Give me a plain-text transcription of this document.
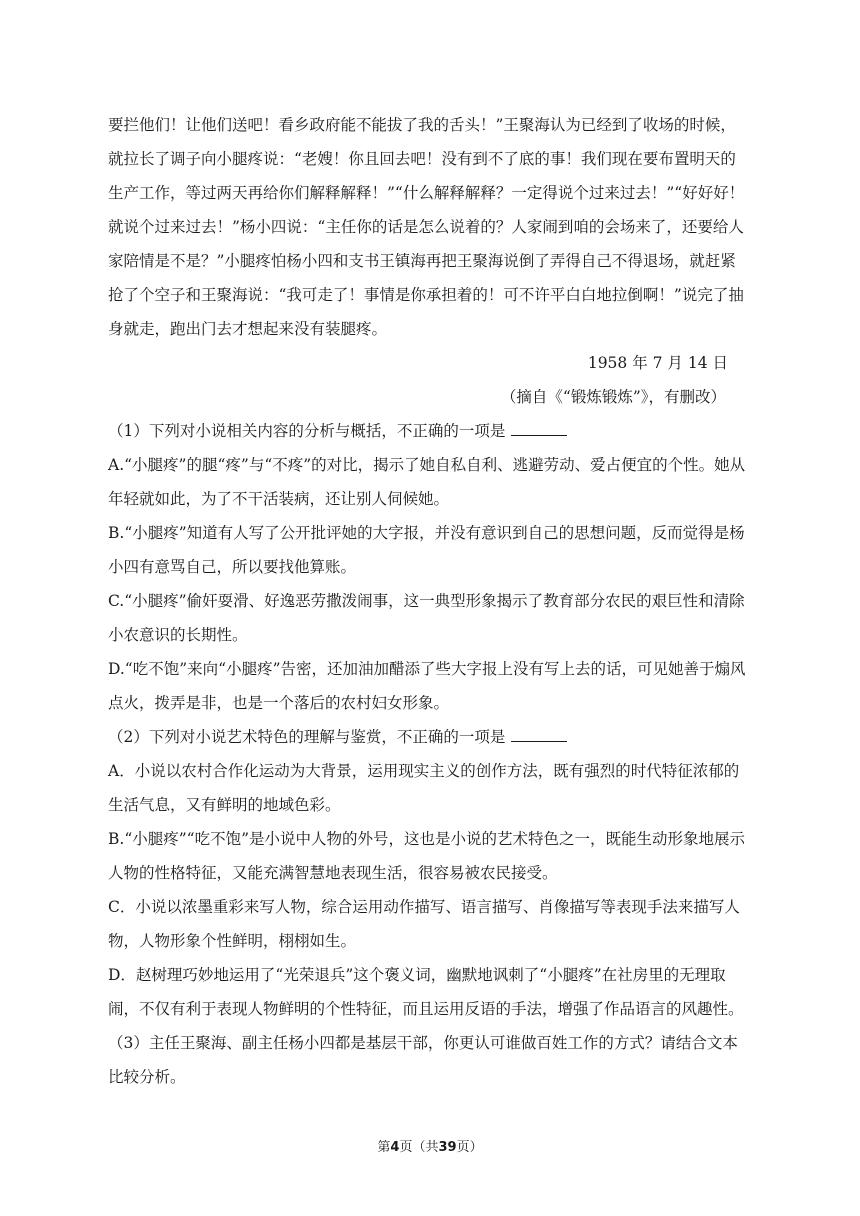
要拦他们！让他们送吧！看乡政府能不能拔了我的舌头！”王聚海认为已经到了收场的时候，就拉长了调子向小腿疼说：“老嫂！你且回去吧！没有到不了底的事！我们现在要布置明天的生产工作，等过两天再给你们解释解释！”“什么解释解释？一定得说个过来过去！”“好好好！就说个过来过去！”杨小四说：“主任你的话是怎么说着的？人家闹到咱的会场来了，还要给人家陪情是不是？”小腿疼怕杨小四和支书王镇海再把王聚海说倒了弄得自己不得退场，就赶紧抢了个空子和王聚海说：“我可走了！事情是你承担着的！可不许平白白地拉倒啊！”说完了抽身就走，跑出门去才想起来没有装腿疼。

1958 年 7 月 14 日

（摘自《“锻炼锻炼”》，有删改）

（1）下列对小说相关内容的分析与概括，不正确的一项是

A.“小腿疼”的腿“疼”与“不疼”的对比，揭示了她自私自利、逃避劳动、爱占便宜的个性。她从年轻就如此，为了不干活装病，还让别人伺候她。

B.“小腿疼”知道有人写了公开批评她的大字报，并没有意识到自己的思想问题，反而觉得是杨小四有意骂自己，所以要找他算账。

C.“小腿疼”偷奸耍滑、好逸恶劳撒泼闹事，这一典型形象揭示了教育部分农民的艰巨性和清除小农意识的长期性。

D.“吃不饱”来向“小腿疼”告密，还加油加醋添了些大字报上没有写上去的话，可见她善于煽风点火，拨弄是非，也是一个落后的农村妇女形象。

（2）下列对小说艺术特色的理解与鉴赏，不正确的一项是

A．小说以农村合作化运动为大背景，运用现实主义的创作方法，既有强烈的时代特征浓郁的生活气息，又有鲜明的地域色彩。

B.“小腿疼”“吃不饱”是小说中人物的外号，这也是小说的艺术特色之一，既能生动形象地展示人物的性格特征，又能充满智慧地表现生活，很容易被农民接受。

C．小说以浓墨重彩来写人物，综合运用动作描写、语言描写、肖像描写等表现手法来描写人物，人物形象个性鲜明，栩栩如生。

D．赵树理巧妙地运用了“光荣退兵”这个褒义词，幽默地讽刺了“小腿疼”在社房里的无理取闹，不仅有利于表现人物鲜明的个性特征，而且运用反语的手法，增强了作品语言的风趣性。

（3）主任王聚海、副主任杨小四都是基层干部，你更认可谁做百姓工作的方式？请结合文本比较分析。

第4页（共39页）
